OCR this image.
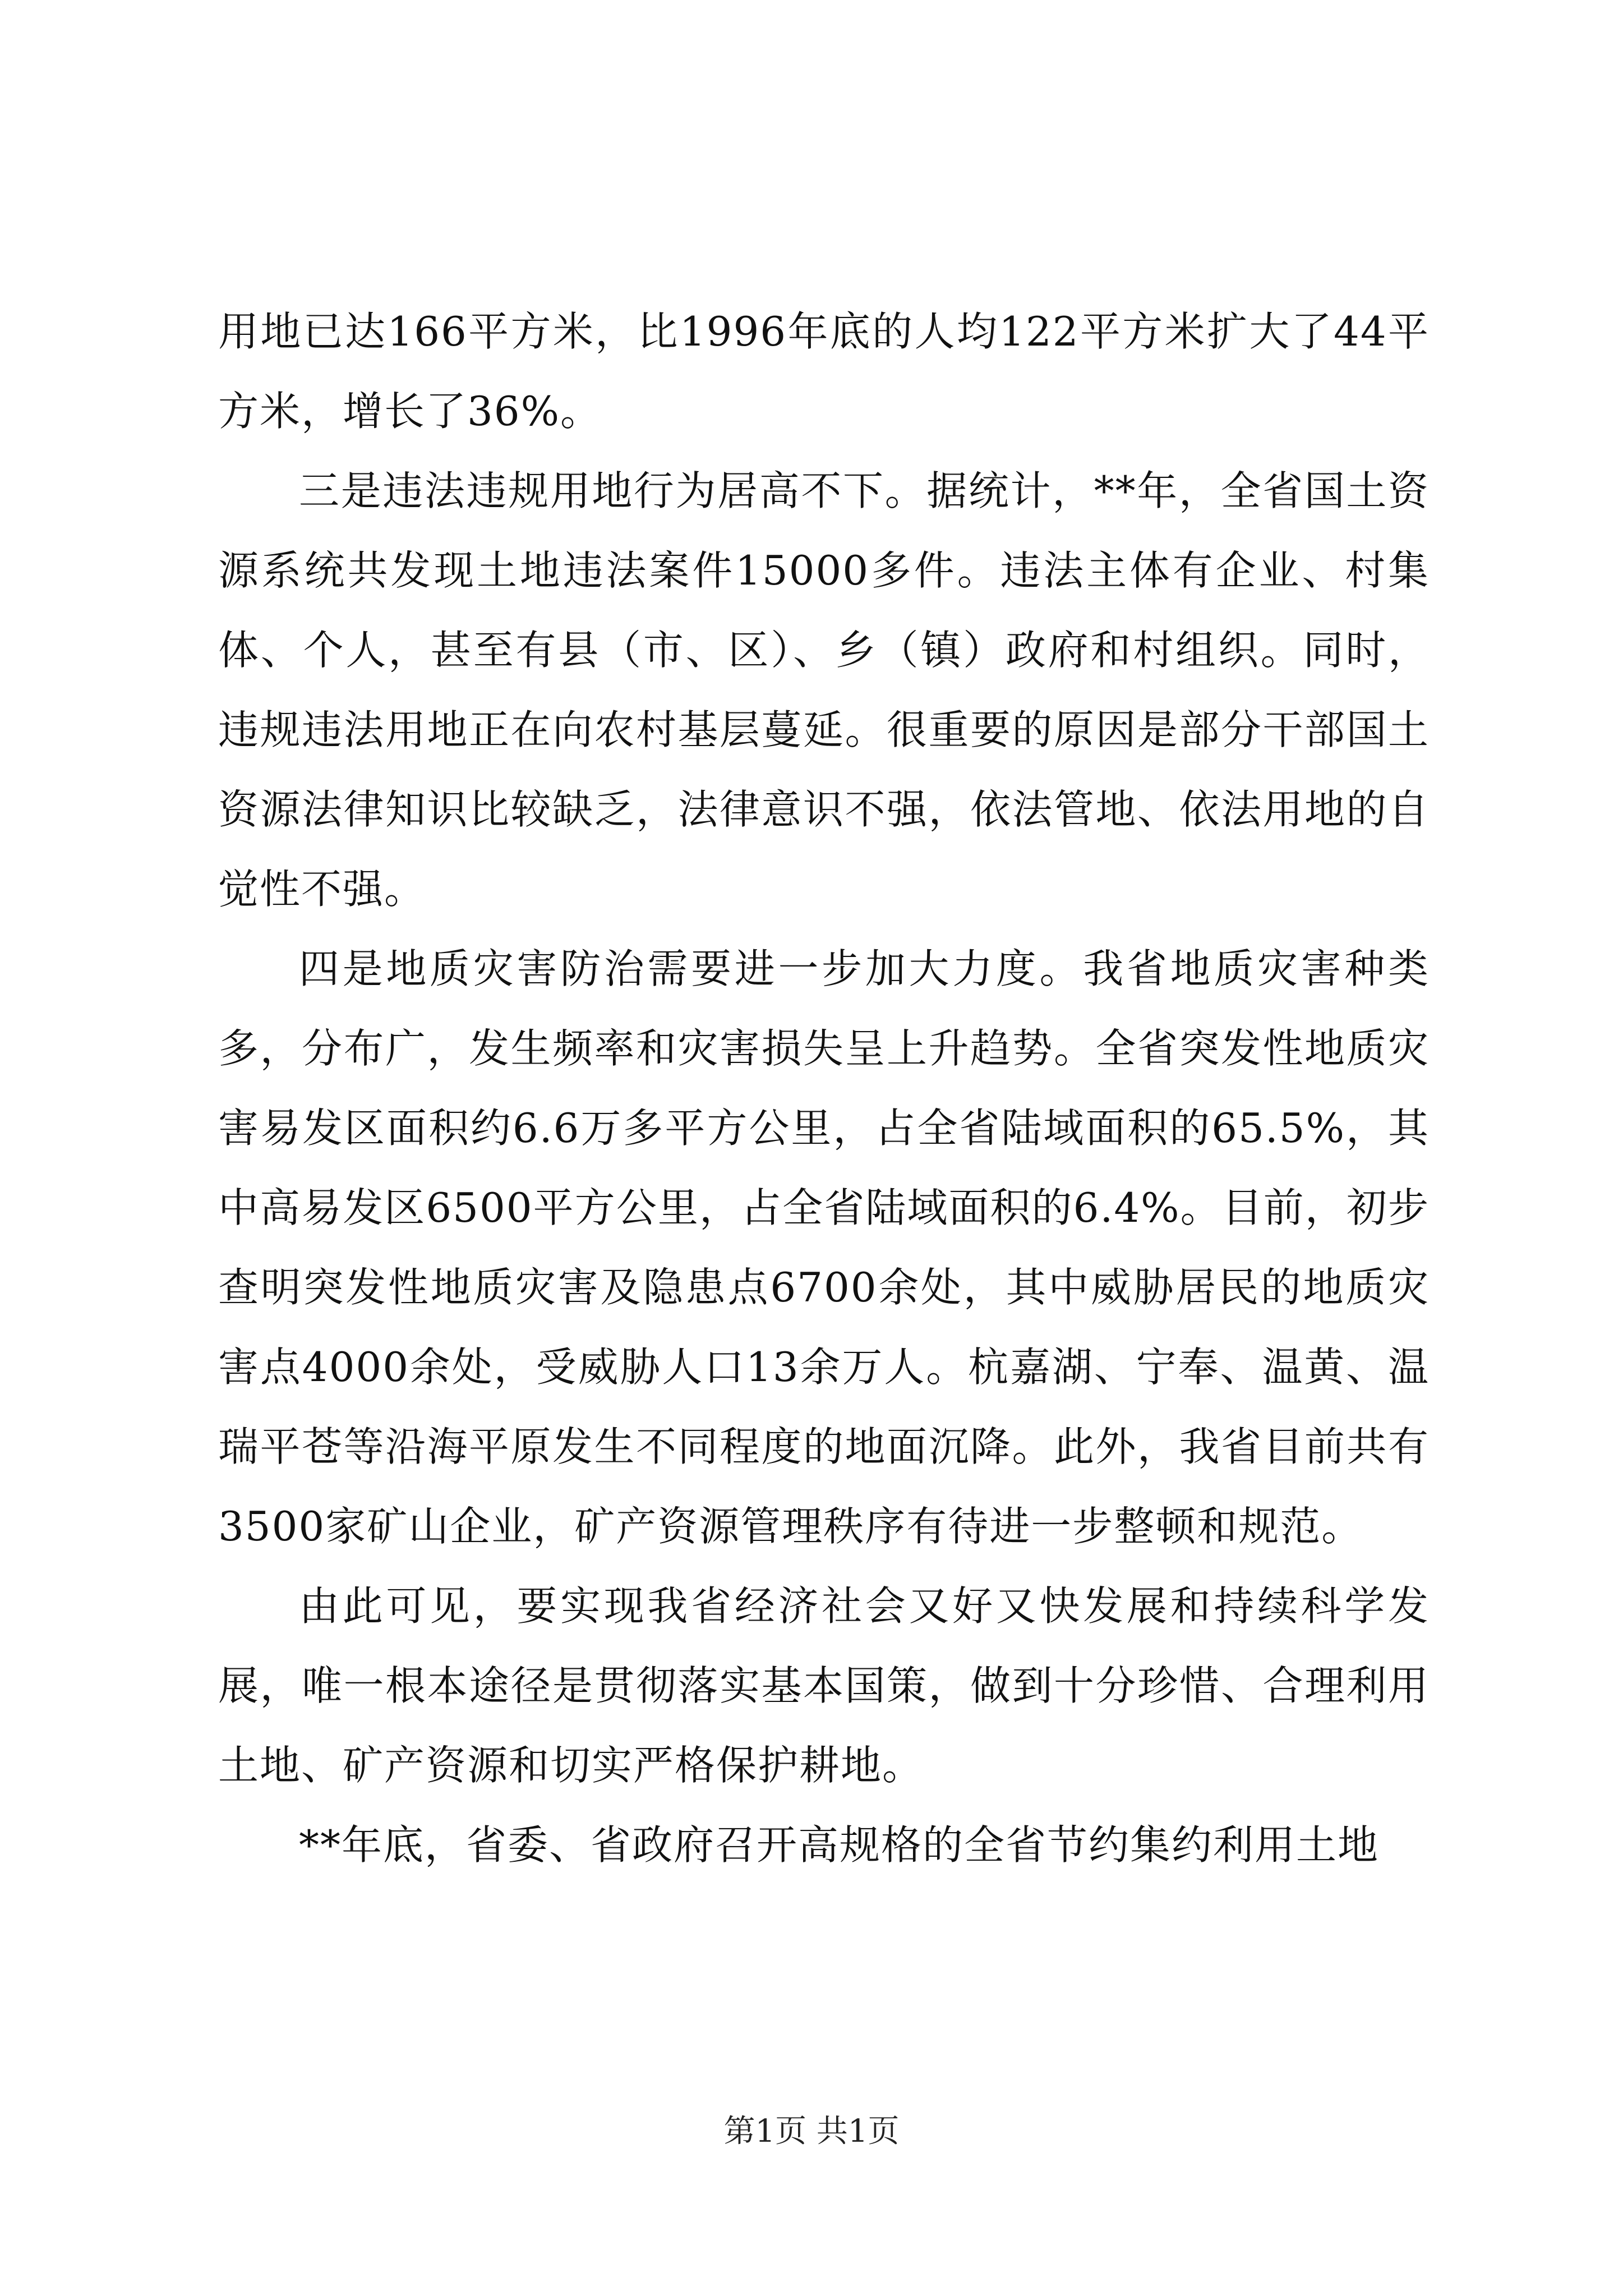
用地已达166平方米，比1996年底的人均122平方米扩大了44平方米，增长了36%。

三是违法违规用地行为居高不下。据统计，**年，全省国土资源系统共发现土地违法案件15000多件。违法主体有企业、村集体、个人，甚至有县（市、区）、乡（镇）政府和村组织。同时，违规违法用地正在向农村基层蔓延。很重要的原因是部分干部国土资源法律知识比较缺乏，法律意识不强，依法管地、依法用地的自觉性不强。

四是地质灾害防治需要进一步加大力度。我省地质灾害种类多，分布广，发生频率和灾害损失呈上升趋势。全省突发性地质灾害易发区面积约6.6万多平方公里，占全省陆域面积的65.5%，其中高易发区6500平方公里，占全省陆域面积的6.4%。目前，初步查明突发性地质灾害及隐患点6700余处，其中威胁居民的地质灾害点4000余处，受威胁人口13余万人。杭嘉湖、宁奉、温黄、温瑞平苍等沿海平原发生不同程度的地面沉降。此外，我省目前共有3500家矿山企业，矿产资源管理秩序有待进一步整顿和规范。

由此可见，要实现我省经济社会又好又快发展和持续科学发展，唯一根本途径是贯彻落实基本国策，做到十分珍惜、合理利用土地、矿产资源和切实严格保护耕地。

**年底，省委、省政府召开高规格的全省节约集约利用土地

第1页 共1页
